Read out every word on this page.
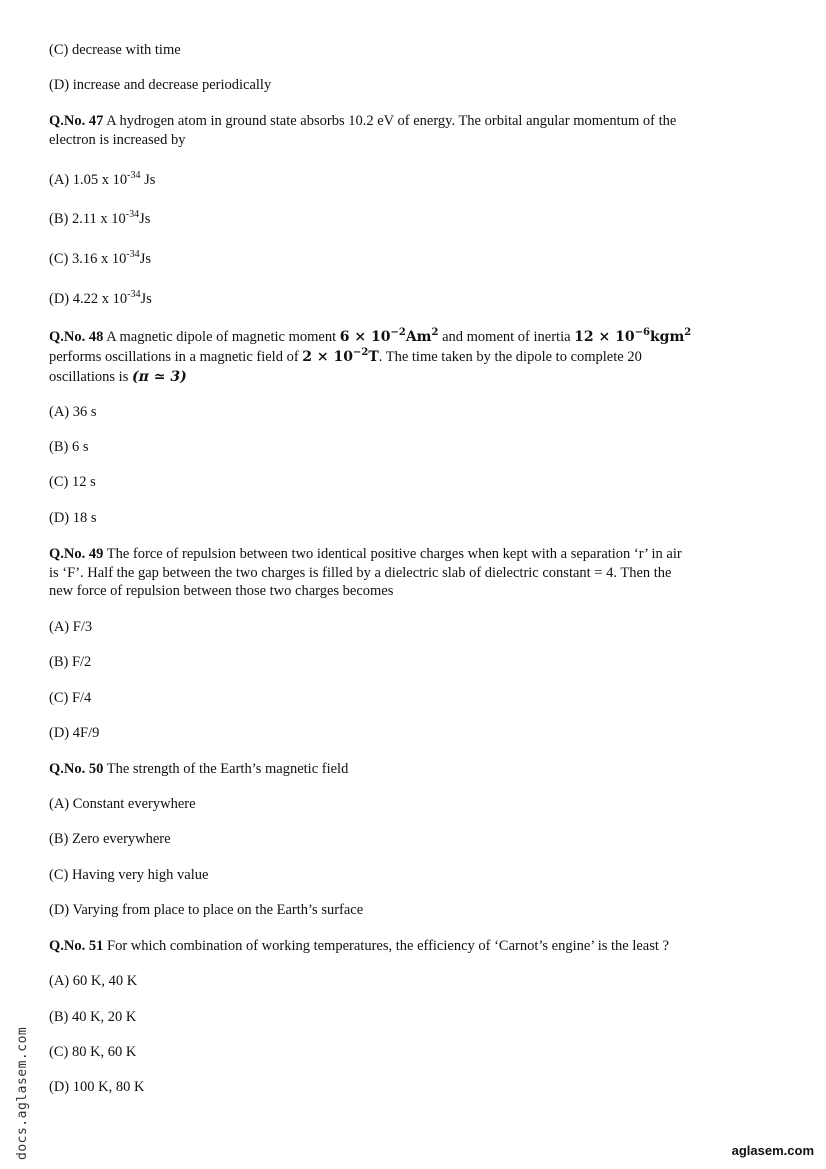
(C) decrease with time
(D) increase and decrease periodically
Q.No. 47 A hydrogen atom in ground state absorbs 10.2 eV of energy. The orbital angular momentum of the
electron is increased by
(A) 1.05 x $10^{-34}$ Js
(B) 2.11 x $10^{-34}Js$
(C) 3.16 x $10^{-34}Js$
(D) 4.22 x $10^{-34}Js$
Q.No. 48 A magnetic dipole of magnetic moment $6 \times 10^{-2}Am^2$ and moment of inertia $12 \times 10^{-6}kgm^2$
performs oscillations in a magnetic field of $2 \times 10^{-2}T$. The time taken by the dipole to complete 20
oscillations is (π ≃ 3)
(A) 36 s
(B) 6 s
(C) 12 s
(D) 18 s
Q.No. 49 The force of repulsion between two identical positive charges when kept with a separation ‘r’ in air
is ‘F’. Half the gap between the two charges is filled by a dielectric slab of dielectric constant = 4. Then the
new force of repulsion between those two charges becomes
(A) F/3
(B) F/2
(C) F/4
(D) 4F/9
Q.No. 50 The strength of the Earth’s magnetic field
(A) Constant everywhere
(B) Zero everywhere
(C) Having very high value
(D) Varying from place to place on the Earth’s surface
Q.No. 51 For which combination of working temperatures, the efficiency of ‘Carnot’s engine’ is the least ?
(A) 60 K, 40 K
(B) 40 K, 20 K
(C) 80 K, 60 K
(D) 100 K, 80 K
docs.aglasem.com	aglasem.com
